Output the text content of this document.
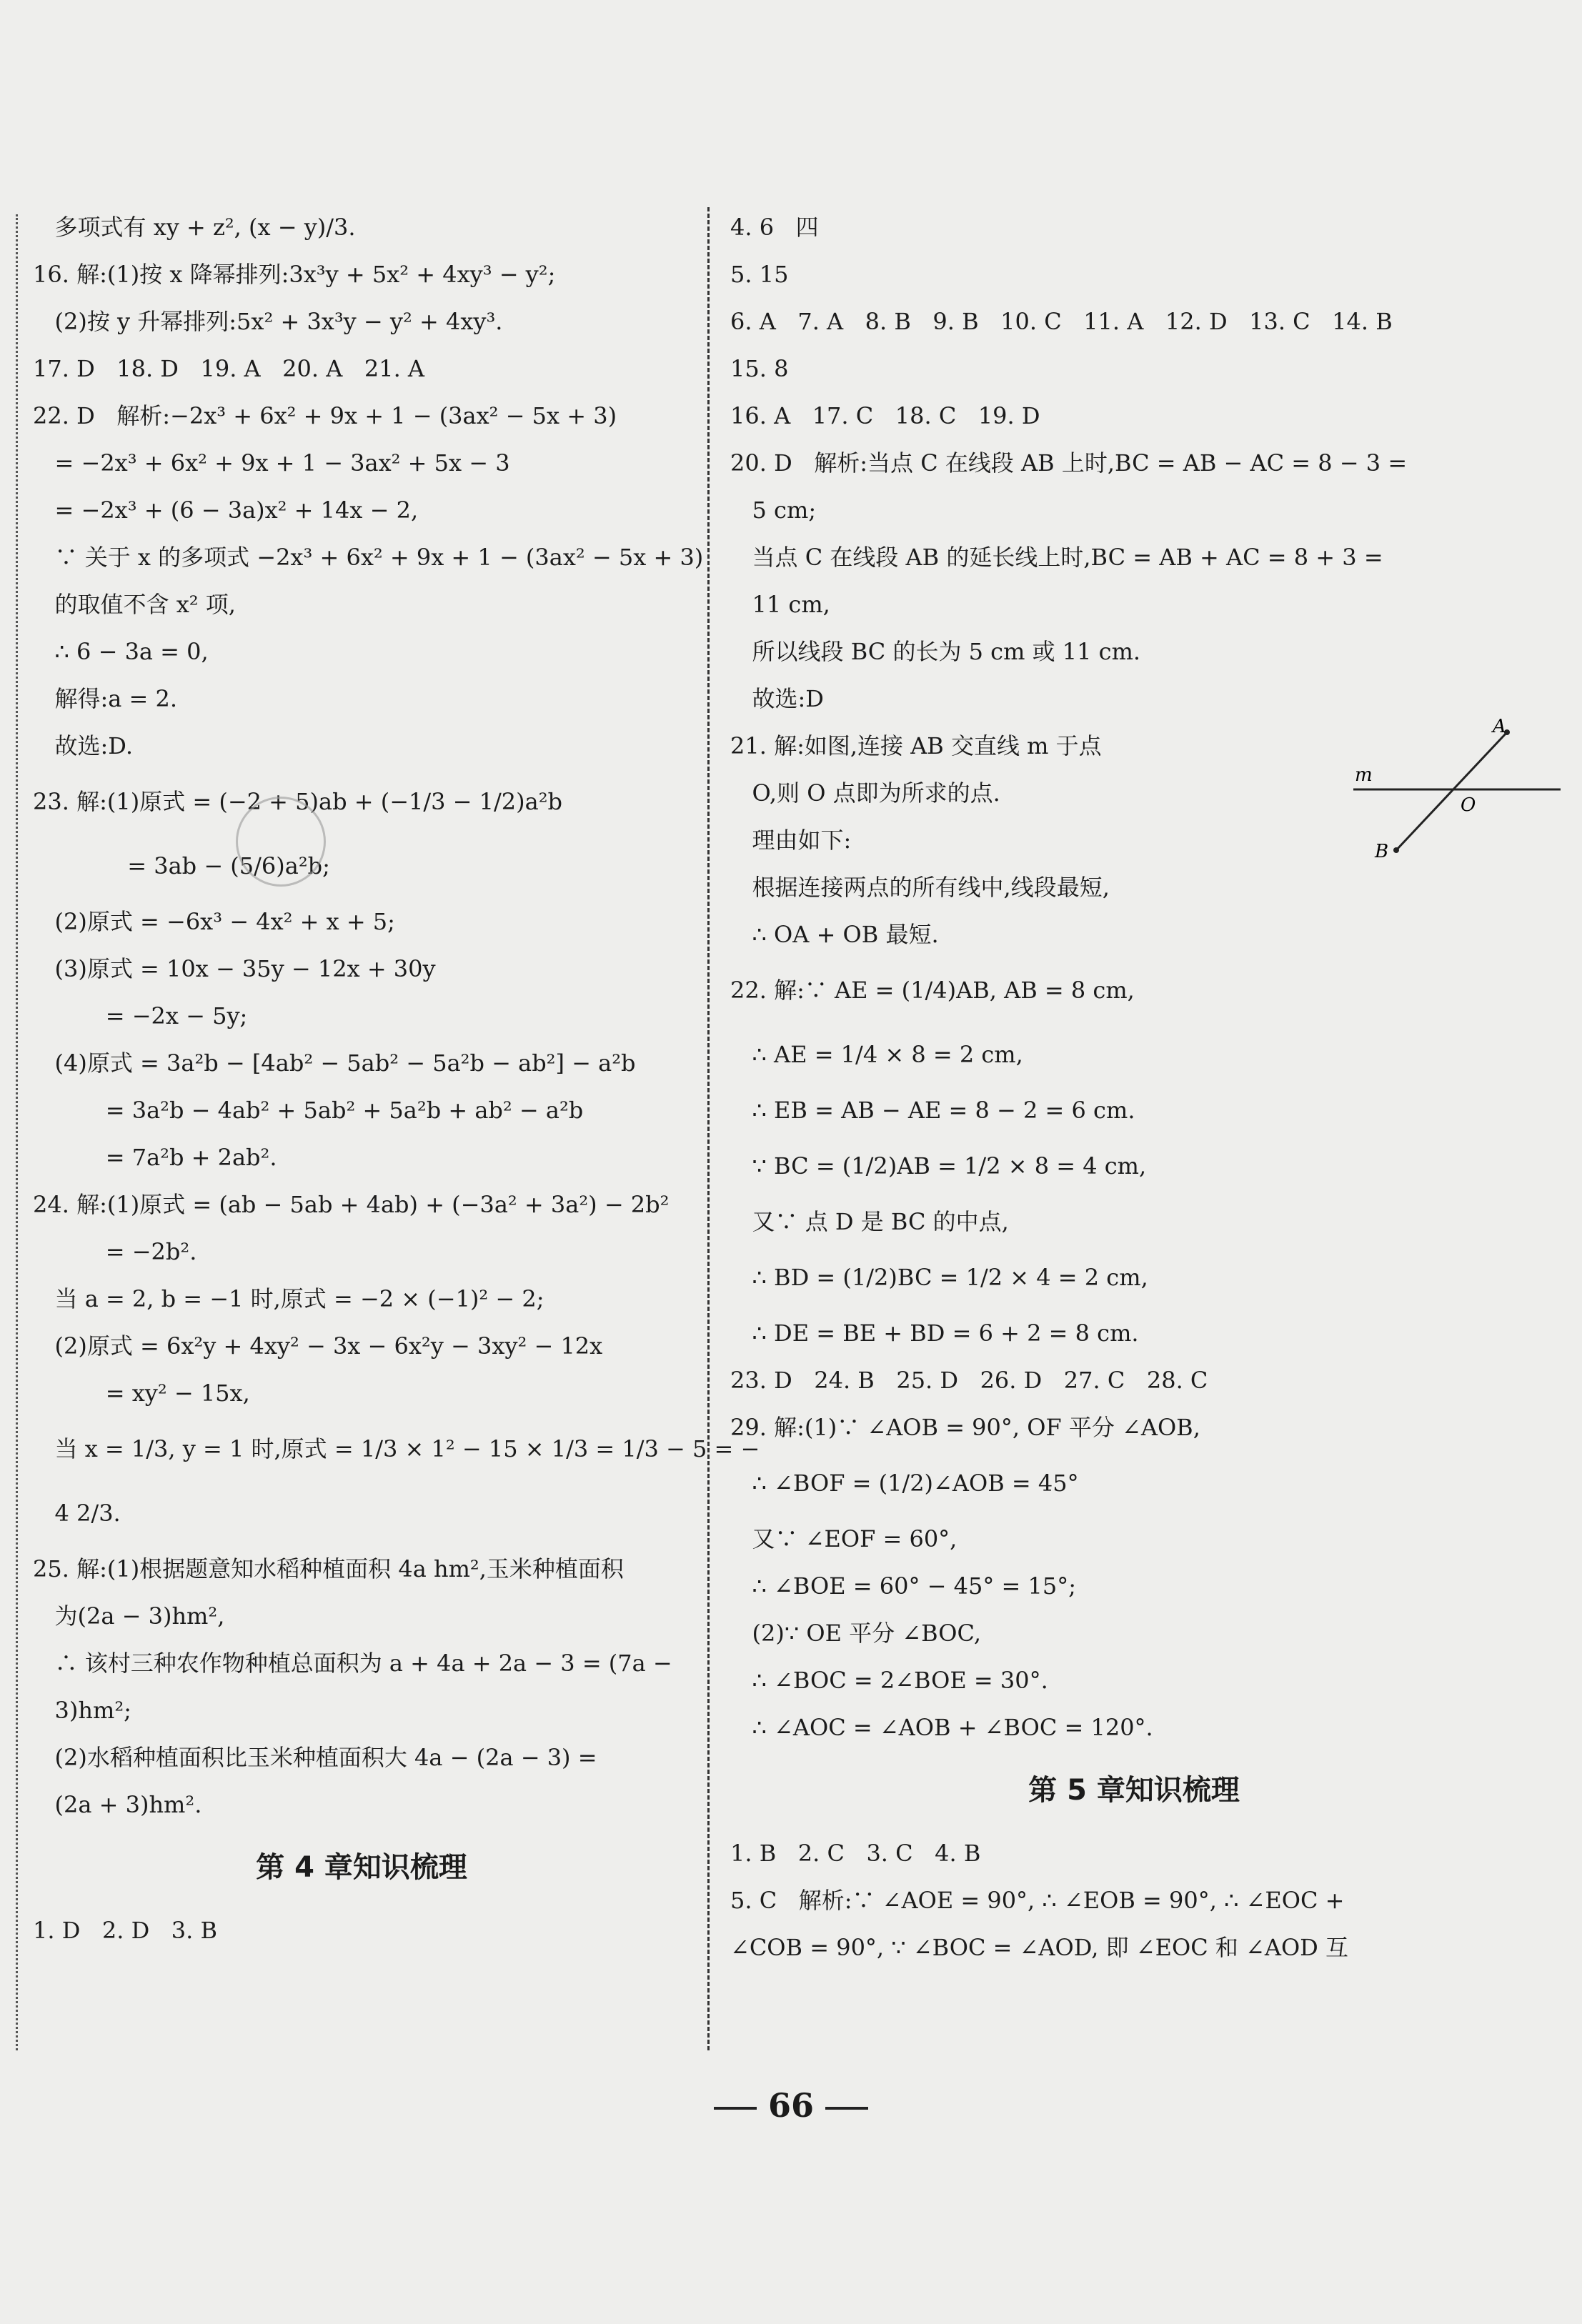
多项式有 xy + z², (x − y)/3.
16. 解:(1)按 x 降幂排列:3x³y + 5x² + 4xy³ − y²;
(2)按 y 升幂排列:5x² + 3x³y − y² + 4xy³.
17. D   18. D   19. A   20. A   21. A
22. D   解析:−2x³ + 6x² + 9x + 1 − (3ax² − 5x + 3)
= −2x³ + 6x² + 9x + 1 − 3ax² + 5x − 3
= −2x³ + (6 − 3a)x² + 14x − 2,
∵ 关于 x 的多项式 −2x³ + 6x² + 9x + 1 − (3ax² − 5x + 3)
的取值不含 x² 项,
∴ 6 − 3a = 0,
解得:a = 2.
故选:D.
23. 解:(1)原式 = (−2 + 5)ab + (−1/3 − 1/2)a²b
= 3ab − (5/6)a²b;
(2)原式 = −6x³ − 4x² + x + 5;
(3)原式 = 10x − 35y − 12x + 30y
= −2x − 5y;
(4)原式 = 3a²b − [4ab² − 5ab² − 5a²b − ab²] − a²b
= 3a²b − 4ab² + 5ab² + 5a²b + ab² − a²b
= 7a²b + 2ab².
24. 解:(1)原式 = (ab − 5ab + 4ab) + (−3a² + 3a²) − 2b²
= −2b².
当 a = 2, b = −1 时,原式 = −2 × (−1)² − 2;
(2)原式 = 6x²y + 4xy² − 3x − 6x²y − 3xy² − 12x
= xy² − 15x,
当 x = 1/3, y = 1 时,原式 = 1/3 × 1² − 15 × 1/3 = 1/3 − 5 = −
4 2/3.
25. 解:(1)根据题意知水稻种植面积 4a hm²,玉米种植面积
为(2a − 3)hm²,
∴ 该村三种农作物种植总面积为 a + 4a + 2a − 3 = (7a −
3)hm²;
(2)水稻种植面积比玉米种植面积大 4a − (2a − 3) =
(2a + 3)hm².
第 4 章知识梳理
1. D   2. D   3. B
4. 6   四
5. 15
6. A   7. A   8. B   9. B   10. C   11. A   12. D   13. C   14. B
15. 8
16. A   17. C   18. C   19. D
20. D   解析:当点 C 在线段 AB 上时,BC = AB − AC = 8 − 3 =
5 cm;
当点 C 在线段 AB 的延长线上时,BC = AB + AC = 8 + 3 =
11 cm,
所以线段 BC 的长为 5 cm 或 11 cm.
故选:D
21. 解:如图,连接 AB 交直线 m 于点
O,则 O 点即为所求的点.
理由如下:
根据连接两点的所有线中,线段最短,
∴ OA + OB 最短.
22. 解:∵ AE = (1/4)AB, AB = 8 cm,
∴ AE = 1/4 × 8 = 2 cm,
∴ EB = AB − AE = 8 − 2 = 6 cm.
∵ BC = (1/2)AB = 1/2 × 8 = 4 cm,
又∵ 点 D 是 BC 的中点,
∴ BD = (1/2)BC = 1/2 × 4 = 2 cm,
∴ DE = BE + BD = 6 + 2 = 8 cm.
23. D   24. B   25. D   26. D   27. C   28. C
29. 解:(1)∵ ∠AOB = 90°, OF 平分 ∠AOB,
∴ ∠BOF = (1/2)∠AOB = 45°
又∵ ∠EOF = 60°,
∴ ∠BOE = 60° − 45° = 15°;
(2)∵ OE 平分 ∠BOC,
∴ ∠BOC = 2∠BOE = 30°.
∴ ∠AOC = ∠AOB + ∠BOC = 120°.
第 5 章知识梳理
1. B   2. C   3. C   4. B
5. C   解析:∵ ∠AOE = 90°, ∴ ∠EOB = 90°, ∴ ∠EOC +
∠COB = 90°, ∵ ∠BOC = ∠AOD, 即 ∠EOC 和 ∠AOD 互
A
m
O
B
66
